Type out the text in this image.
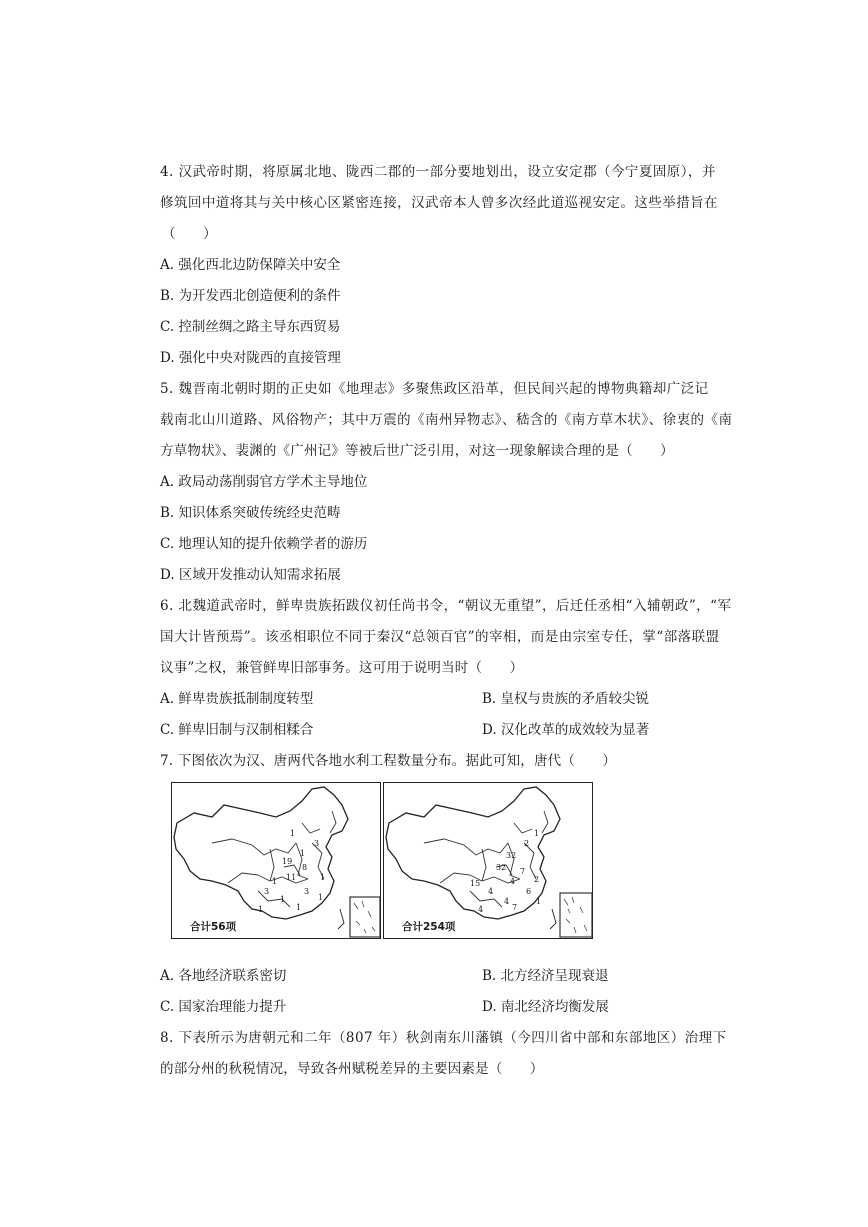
4. 汉武帝时期，将原属北地、陇西二郡的一部分要地划出，设立安定郡（今宁夏固原），并
修筑回中道将其与关中核心区紧密连接，汉武帝本人曾多次经此道巡视安定。这些举措旨在
（　　）
A. 强化西北边防保障关中安全
B. 为开发西北创造便利的条件
C. 控制丝绸之路主导东西贸易
D. 强化中央对陇西的直接管理
5. 魏晋南北朝时期的正史如《地理志》多聚焦政区沿革，但民间兴起的博物典籍却广泛记
载南北山川道路、风俗物产；其中万震的《南州异物志》、嵇含的《南方草木状》、徐衷的《南
方草物状》、裴渊的《广州记》等被后世广泛引用，对这一现象解读合理的是（　　）
A. 政局动荡削弱官方学术主导地位
B. 知识体系突破传统经史范畴
C. 地理认知的提升依赖学者的游历
D. 区域开发推动认知需求拓展
6. 北魏道武帝时，鲜卑贵族拓跋仪初任尚书令，“朝议无重望”，后迁任丞相“入辅朝政”，“军
国大计皆预焉”。该丞相职位不同于秦汉“总领百官”的宰相，而是由宗室专任，掌“部落联盟
议事”之权，兼管鲜卑旧部事务。这可用于说明当时（　　）
A. 鲜卑贵族抵制制度转型	B. 皇权与贵族的矛盾较尖锐
C. 鲜卑旧制与汉制相糅合	D. 汉化改革的成效较为显著
7. 下图依次为汉、唐两代各地水利工程数量分布。据此可知，唐代（　　）
1
3
1
19
8
11	1
3	3
1
1
1
1
1
合计56项
32
2
1
32 7
15	4 2
4	6
4
7
4
1
合计254项
A. 各地经济联系密切	B. 北方经济呈现衰退
C. 国家治理能力提升	D. 南北经济均衡发展
8. 下表所示为唐朝元和二年（807 年）秋剑南东川藩镇（今四川省中部和东部地区）治理下
的部分州的秋税情况，导致各州赋税差异的主要因素是（　　）
